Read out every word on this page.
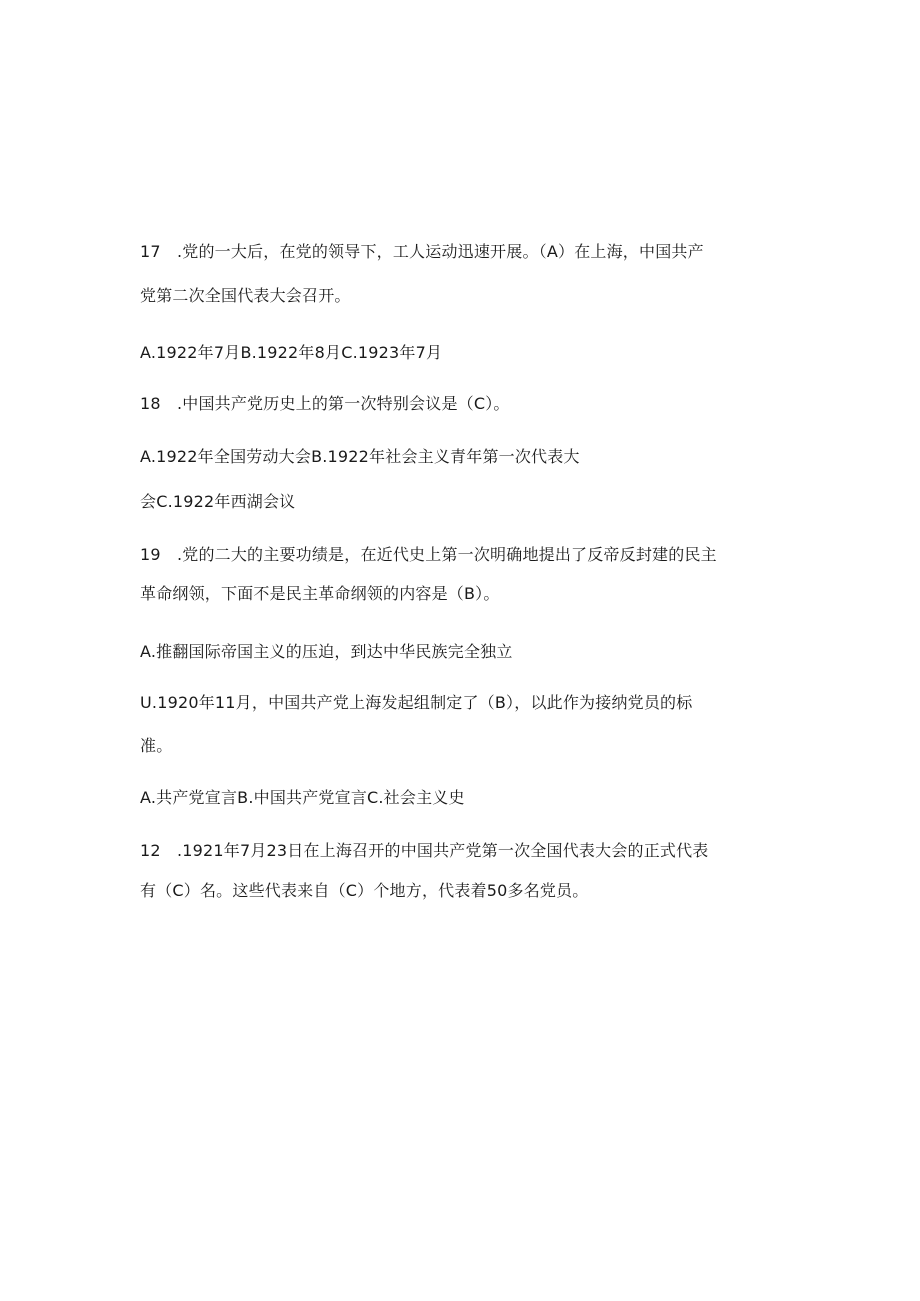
17　.党的一大后，在党的领导下，工人运动迅速开展。（A）在上海，中国共产
党第二次全国代表大会召开。
A.1922年7月B.1922年8月C.1923年7月
18　.中国共产党历史上的第一次特别会议是（C）。
A.1922年全国劳动大会B.1922年社会主义青年第一次代表大
会C.1922年西湖会议
19　.党的二大的主要功绩是，在近代史上第一次明确地提出了反帝反封建的民主
革命纲领，下面不是民主革命纲领的内容是（B）。
A.推翻国际帝国主义的压迫，到达中华民族完全独立
U.1920年11月，中国共产党上海发起组制定了（B），以此作为接纳党员的标
准。
A.共产党宣言B.中国共产党宣言C.社会主义史
12　.1921年7月23日在上海召开的中国共产党第一次全国代表大会的正式代表
有（C）名。这些代表来自（C）个地方，代表着50多名党员。
